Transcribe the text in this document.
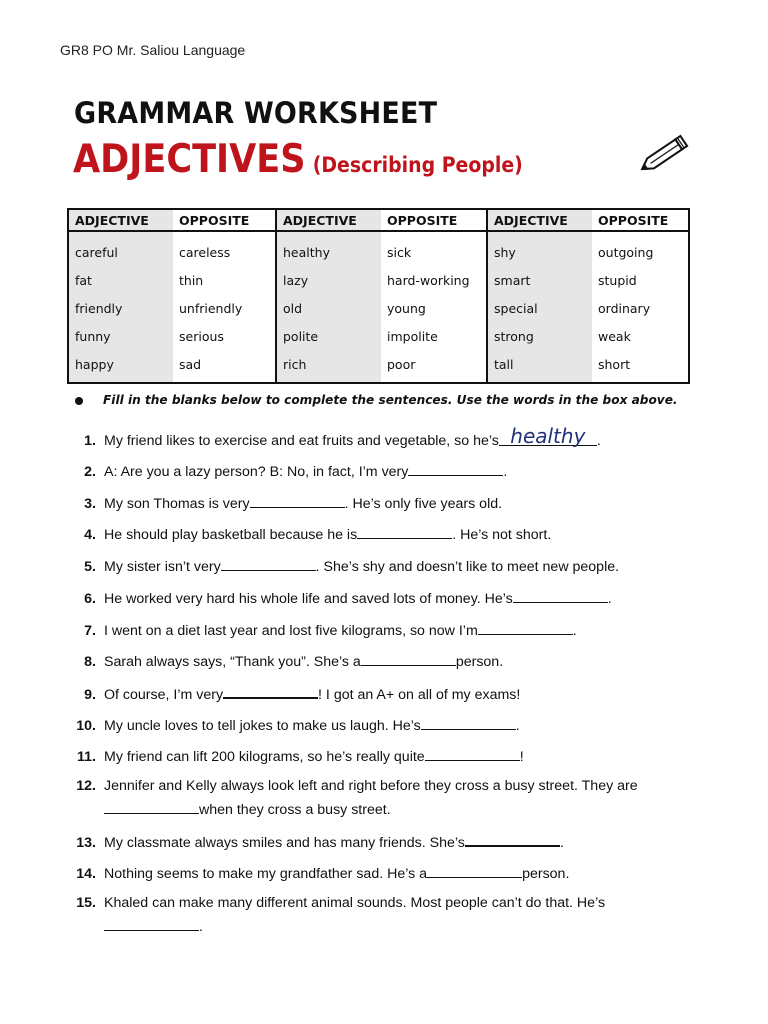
GR8 PO Mr. Saliou Language
GRAMMAR WORKSHEET
ADJECTIVES (Describing People)
ADJECTIVE	OPPOSITE	ADJECTIVE	OPPOSITE	ADJECTIVE	OPPOSITE
careful	careless	healthy	sick	shy	outgoing
fat	thin	lazy	hard-working	smart	stupid
friendly	unfriendly	old	young	special	ordinary
funny	serious	polite	impolite	strong	weak
happy	sad	rich	poor	tall	short
Fill in the blanks below to complete the sentences. Use the words in the box above.
1. My friend likes to exercise and eat fruits and vegetable, so he’s healthy .
2. A: Are you a lazy person? B: No, in fact, I’m very	.
3. My son Thomas is very	. He’s only five years old.
4. He should play basketball because he is	. He’s not short.
5. My sister isn’t very	. She’s shy and doesn’t like to meet new people.
6. He worked very hard his whole life and saved lots of money. He’s	.
7. I went on a diet last year and lost five kilograms, so now I’m	.
8. Sarah always says, “Thank you”. She’s a	person.
9. Of course, I’m very	! I got an A+ on all of my exams!
10. My uncle loves to tell jokes to make us laugh. He’s	.
11. My friend can lift 200 kilograms, so he’s really quite	!
12. Jennifer and Kelly always look left and right before they cross a busy street. They are
when they cross a busy street.
13. My classmate always smiles and has many friends. She’s	.
14. Nothing seems to make my grandfather sad. He’s a	person.
15. Khaled can make many different animal sounds. Most people can’t do that. He’s
.
